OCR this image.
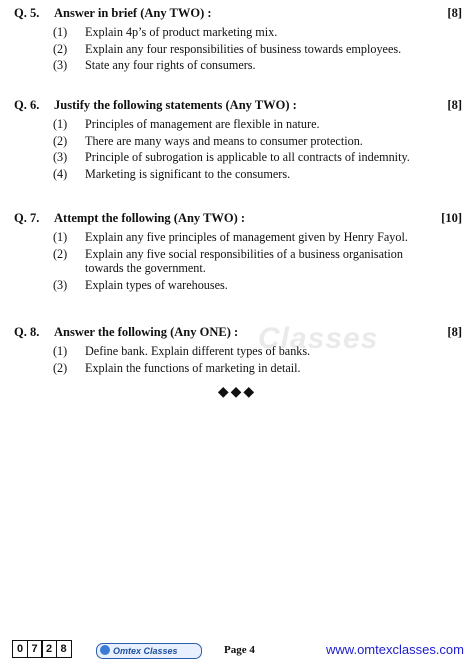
Classes
Q. 5. Answer in brief (Any TWO) :	[8]
(1) Explain 4p’s of product marketing mix.
(2) Explain any four responsibilities of business towards employees.
(3) State any four rights of consumers.
Q. 6. Justify the following statements (Any TWO) :	[8]
(1) Principles of management are flexible in nature.
(2) There are many ways and means to consumer protection.
(3) Principle of subrogation is applicable to all contracts of indemnity.
(4) Marketing is significant to the consumers.
Q. 7. Attempt the following (Any TWO) :	[10]
(1) Explain any five principles of management given by Henry Fayol.
(2) Explain any five social responsibilities of a business organisation towards the government.
(3) Explain types of warehouses.
Q. 8. Answer the following (Any ONE) :	[8]
(1) Define bank. Explain different types of banks.
(2) Explain the functions of marketing in detail.
◆◆◆
0 7 2 8	Omtex Classes	Page 4	www.omtexclasses.com
